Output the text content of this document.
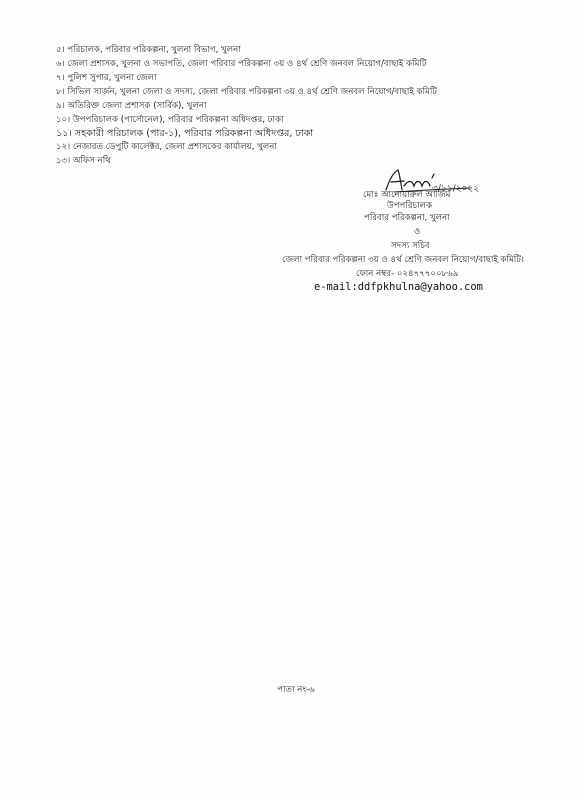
৫। পরিচালক, পরিবার পরিকল্পনা, খুলনা বিভাগ, খুলনা
৬। জেলা প্রশাসক, খুলনা ও সভাপতি, জেলা পরিবার পরিকল্পনা ৩য় ও ৪র্থ শ্রেণি জনবল নিয়োগ/বাছাই কমিটি
৭। পুলিশ সুপার, খুলনা জেলা
৮। সিভিল সার্জন, খুলনা জেলা ও সদস্য, জেলা পরিবার পরিকল্পনা ৩য় ও ৪র্থ শ্রেণি জনবল নিয়োগ/বাছাই কমিটি
৯। অতিরিক্ত জেলা প্রশাসক (সার্বিক), খুলনা
১০। উপপরিচালক (পার্সোনেল), পরিবার পরিকল্পনা অধিদপ্তর, ঢাকা
১১। সহকারী পরিচালক (পার-১), পরিবার পরিকল্পনা অধিদপ্তর, ঢাকা
১২। নেজারত ডেপুটি কালেক্টর, জেলা প্রশাসকের কার্যালয়, খুলনা
১৩। অফিস নথি
৩/১১/২০২২
মোঃ আনোয়ারুল আজিম
উপপরিচালক
পরিবার পরিকল্পনা, খুলনা
ও
সদস্য সচিব
জেলা পরিবার পরিকল্পনা ৩য় ও ৪র্থ শ্রেণি জনবল নিয়োগ/বাছাই কমিটি।
ফোন নম্বর- ০২৪৭৭৭০০৮৬৯
e-mail:ddfpkhulna@yahoo.com
পাতা নং-৬
